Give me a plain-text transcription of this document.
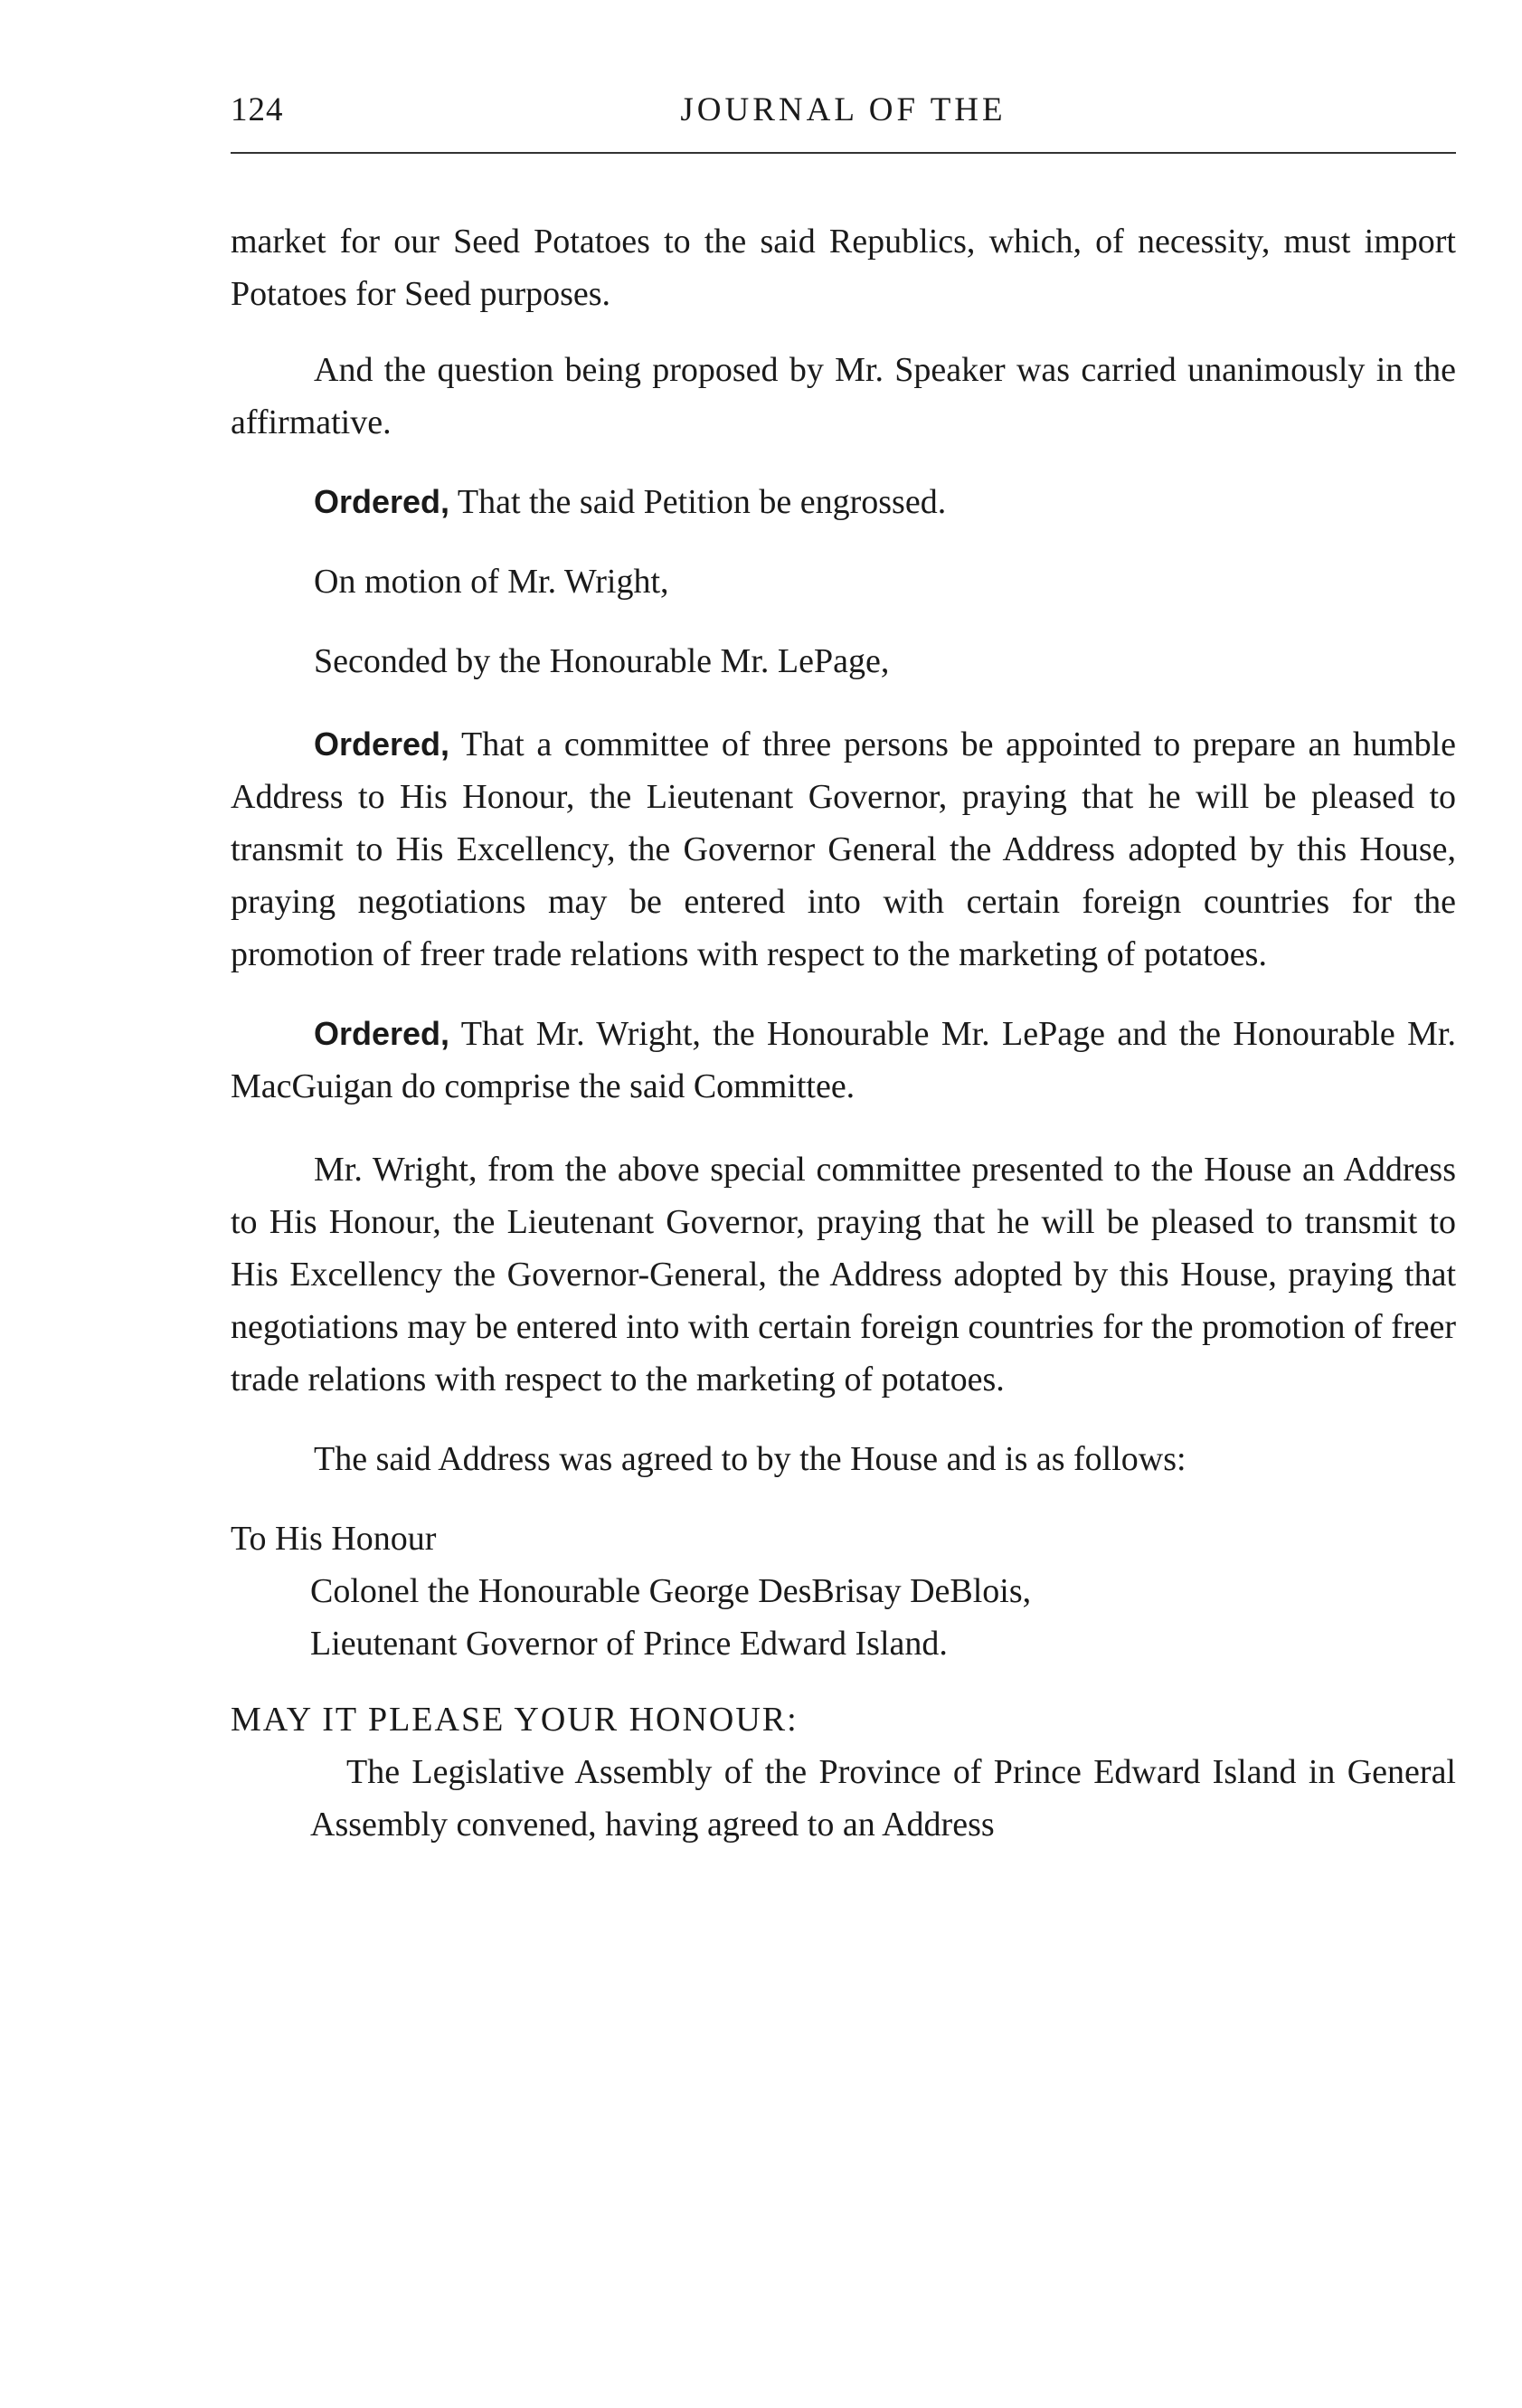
124	JOURNAL OF THE

market for our Seed Potatoes to the said Republics, which, of necessity, must import Potatoes for Seed purposes.

And the question being proposed by Mr. Speaker was carried unanimously in the affirmative.

Ordered, That the said Petition be engrossed.

On motion of Mr. Wright,

Seconded by the Honourable Mr. LePage,

Ordered, That a committee of three persons be appointed to prepare an humble Address to His Honour, the Lieutenant Governor, praying that he will be pleased to transmit to His Excellency, the Governor General the Address adopted by this House, praying negotiations may be entered into with certain foreign countries for the promotion of freer trade relations with respect to the marketing of potatoes.

Ordered, That Mr. Wright, the Honourable Mr. LePage and the Honourable Mr. MacGuigan do comprise the said Committee.

Mr. Wright, from the above special committee presented to the House an Address to His Honour, the Lieutenant Governor, praying that he will be pleased to transmit to His Excellency the Governor-General, the Address adopted by this House, praying that negotiations may be entered into with certain foreign countries for the promotion of freer trade relations with respect to the marketing of potatoes.

The said Address was agreed to by the House and is as follows:

To His Honour

Colonel the Honourable George DesBrisay DeBlois,

Lieutenant Governor of Prince Edward Island.

MAY IT PLEASE YOUR HONOUR:

The Legislative Assembly of the Province of Prince Edward Island in General Assembly convened, having agreed to an Address
